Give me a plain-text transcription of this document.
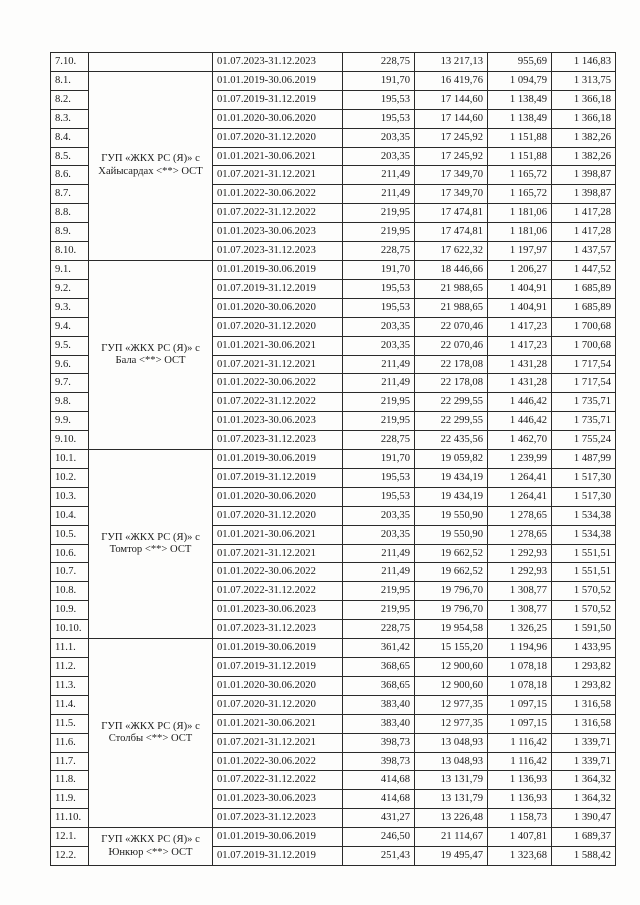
7.10.		01.07.2023-31.12.2023	228,75	13 217,13	955,69	1 146,83
8.1.	ГУП «ЖКХ РС (Я)» с Хайысардах <**> ОСТ	01.01.2019-30.06.2019	191,70	16 419,76	1 094,79	1 313,75
8.2.		01.07.2019-31.12.2019	195,53	17 144,60	1 138,49	1 366,18
8.3.		01.01.2020-30.06.2020	195,53	17 144,60	1 138,49	1 366,18
8.4.		01.07.2020-31.12.2020	203,35	17 245,92	1 151,88	1 382,26
8.5.		01.01.2021-30.06.2021	203,35	17 245,92	1 151,88	1 382,26
8.6.		01.07.2021-31.12.2021	211,49	17 349,70	1 165,72	1 398,87
8.7.		01.01.2022-30.06.2022	211,49	17 349,70	1 165,72	1 398,87
8.8.		01.07.2022-31.12.2022	219,95	17 474,81	1 181,06	1 417,28
8.9.		01.01.2023-30.06.2023	219,95	17 474,81	1 181,06	1 417,28
8.10.		01.07.2023-31.12.2023	228,75	17 622,32	1 197,97	1 437,57
9.1.	ГУП «ЖКХ РС (Я)» с Бала <**> ОСТ	01.01.2019-30.06.2019	191,70	18 446,66	1 206,27	1 447,52
9.2.		01.07.2019-31.12.2019	195,53	21 988,65	1 404,91	1 685,89
9.3.		01.01.2020-30.06.2020	195,53	21 988,65	1 404,91	1 685,89
9.4.		01.07.2020-31.12.2020	203,35	22 070,46	1 417,23	1 700,68
9.5.		01.01.2021-30.06.2021	203,35	22 070,46	1 417,23	1 700,68
9.6.		01.07.2021-31.12.2021	211,49	22 178,08	1 431,28	1 717,54
9.7.		01.01.2022-30.06.2022	211,49	22 178,08	1 431,28	1 717,54
9.8.		01.07.2022-31.12.2022	219,95	22 299,55	1 446,42	1 735,71
9.9.		01.01.2023-30.06.2023	219,95	22 299,55	1 446,42	1 735,71
9.10.		01.07.2023-31.12.2023	228,75	22 435,56	1 462,70	1 755,24
10.1.	ГУП «ЖКХ РС (Я)» с Томтор <**> ОСТ	01.01.2019-30.06.2019	191,70	19 059,82	1 239,99	1 487,99
10.2.		01.07.2019-31.12.2019	195,53	19 434,19	1 264,41	1 517,30
10.3.		01.01.2020-30.06.2020	195,53	19 434,19	1 264,41	1 517,30
10.4.		01.07.2020-31.12.2020	203,35	19 550,90	1 278,65	1 534,38
10.5.		01.01.2021-30.06.2021	203,35	19 550,90	1 278,65	1 534,38
10.6.		01.07.2021-31.12.2021	211,49	19 662,52	1 292,93	1 551,51
10.7.		01.01.2022-30.06.2022	211,49	19 662,52	1 292,93	1 551,51
10.8.		01.07.2022-31.12.2022	219,95	19 796,70	1 308,77	1 570,52
10.9.		01.01.2023-30.06.2023	219,95	19 796,70	1 308,77	1 570,52
10.10.		01.07.2023-31.12.2023	228,75	19 954,58	1 326,25	1 591,50
11.1.	ГУП «ЖКХ РС (Я)» с Столбы <**> ОСТ	01.01.2019-30.06.2019	361,42	15 155,20	1 194,96	1 433,95
11.2.		01.07.2019-31.12.2019	368,65	12 900,60	1 078,18	1 293,82
11.3.		01.01.2020-30.06.2020	368,65	12 900,60	1 078,18	1 293,82
11.4.		01.07.2020-31.12.2020	383,40	12 977,35	1 097,15	1 316,58
11.5.		01.01.2021-30.06.2021	383,40	12 977,35	1 097,15	1 316,58
11.6.		01.07.2021-31.12.2021	398,73	13 048,93	1 116,42	1 339,71
11.7.		01.01.2022-30.06.2022	398,73	13 048,93	1 116,42	1 339,71
11.8.		01.07.2022-31.12.2022	414,68	13 131,79	1 136,93	1 364,32
11.9.		01.01.2023-30.06.2023	414,68	13 131,79	1 136,93	1 364,32
11.10.		01.07.2023-31.12.2023	431,27	13 226,48	1 158,73	1 390,47
12.1.	ГУП «ЖКХ РС (Я)» с Юнкюр <**> ОСТ	01.01.2019-30.06.2019	246,50	21 114,67	1 407,81	1 689,37
12.2.		01.07.2019-31.12.2019	251,43	19 495,47	1 323,68	1 588,42
